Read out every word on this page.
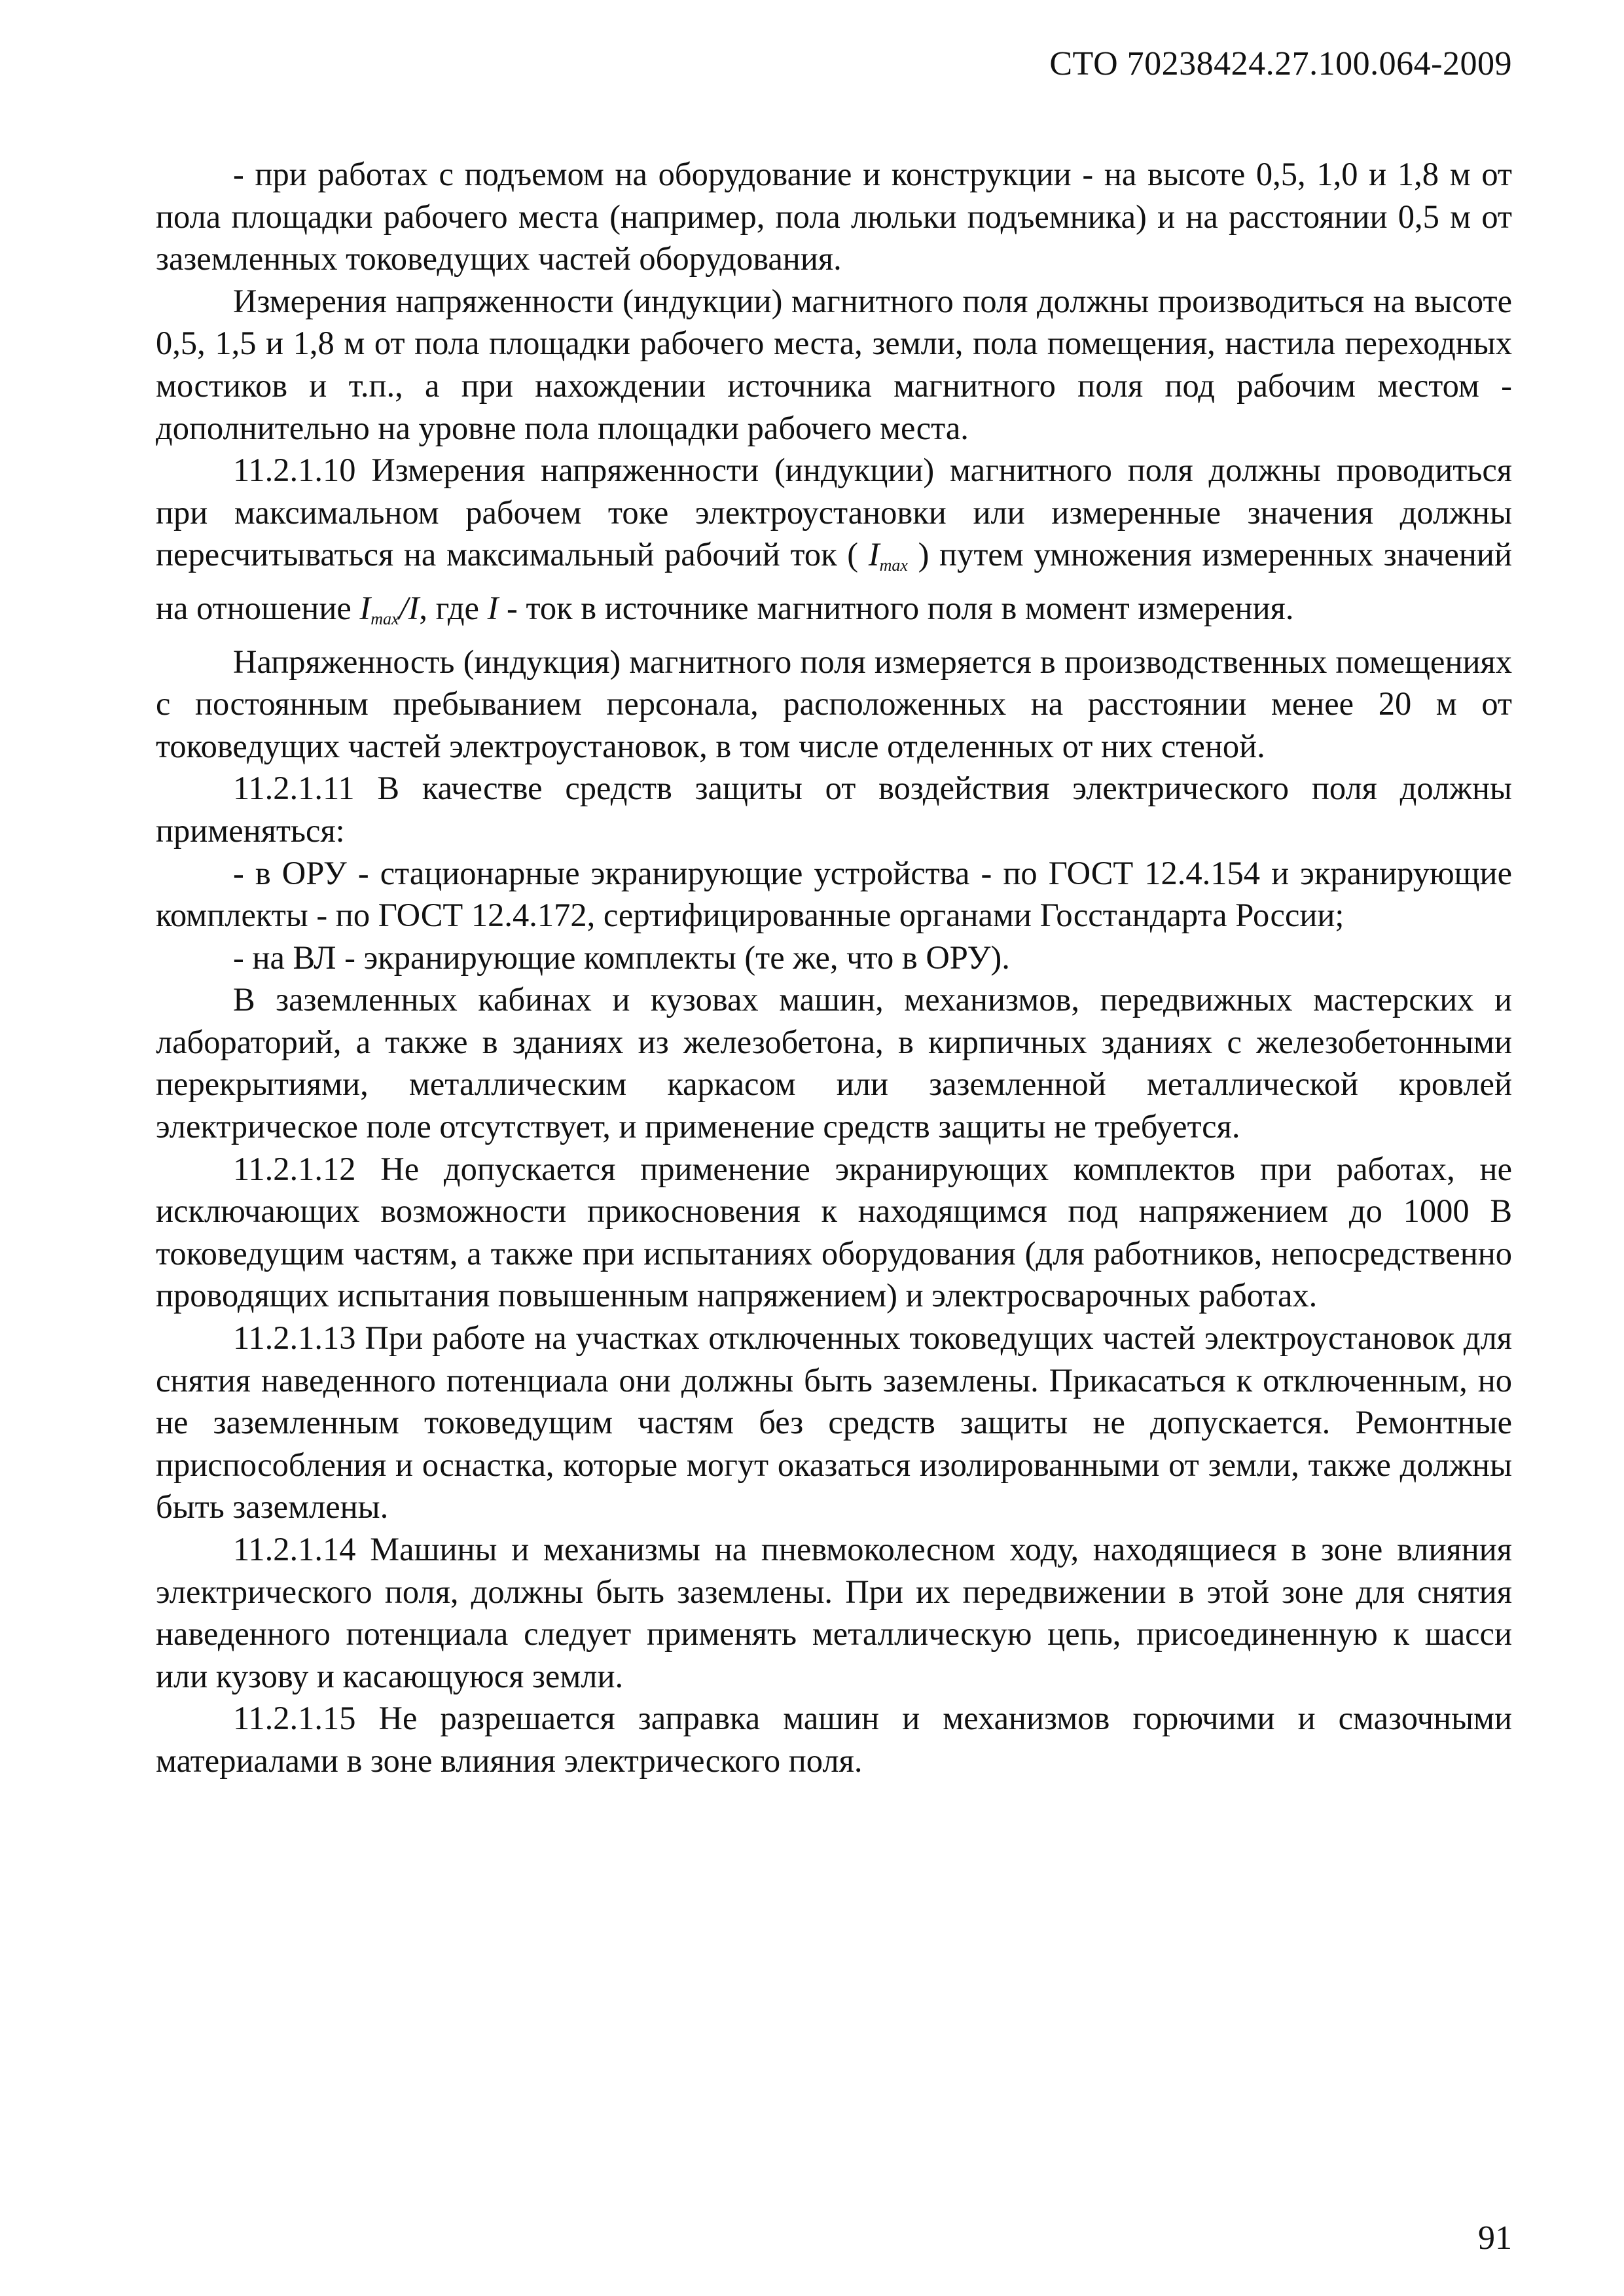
СТО 70238424.27.100.064-2009

- при работах с подъемом на оборудование и конструкции - на высоте 0,5, 1,0 и 1,8 м от пола площадки рабочего места (например, пола люльки подъемника) и на расстоянии 0,5 м от заземленных токоведущих частей оборудования.

Измерения напряженности (индукции) магнитного поля должны производиться на высоте 0,5, 1,5 и 1,8 м от пола площадки рабочего места, земли, пола помещения, настила переходных мостиков и т.п., а при нахождении источника магнитного поля под рабочим местом - дополнительно на уровне пола площадки рабочего места.

11.2.1.10 Измерения напряженности (индукции) магнитного поля должны проводиться при максимальном рабочем токе электроустановки или измеренные значения должны пересчитываться на максимальный рабочий ток ( $I_{max}$ ) путем умножения измеренных значений на отношение $I_{max}/I$, где I - ток в источнике магнитного поля в момент измерения.

Напряженность (индукция) магнитного поля измеряется в производственных помещениях с постоянным пребыванием персонала, расположенных на расстоянии менее 20 м от токоведущих частей электроустановок, в том числе отделенных от них стеной.

11.2.1.11 В качестве средств защиты от воздействия электрического поля должны применяться:

- в ОРУ - стационарные экранирующие устройства - по ГОСТ 12.4.154 и экранирующие комплекты - по ГОСТ 12.4.172, сертифицированные органами Госстандарта России;

- на ВЛ - экранирующие комплекты (те же, что в ОРУ).

В заземленных кабинах и кузовах машин, механизмов, передвижных мастерских и лабораторий, а также в зданиях из железобетона, в кирпичных зданиях с железобетонными перекрытиями, металлическим каркасом или заземленной металлической кровлей электрическое поле отсутствует, и применение средств защиты не требуется.

11.2.1.12 Не допускается применение экранирующих комплектов при работах, не исключающих возможности прикосновения к находящимся под напряжением до 1000 В токоведущим частям, а также при испытаниях оборудования (для работников, непосредственно проводящих испытания повышенным напряжением) и электросварочных работах.

11.2.1.13 При работе на участках отключенных токоведущих частей электроустановок для снятия наведенного потенциала они должны быть заземлены. Прикасаться к отключенным, но не заземленным токоведущим частям без средств защиты не допускается. Ремонтные приспособления и оснастка, которые могут оказаться изолированными от земли, также должны быть заземлены.

11.2.1.14 Машины и механизмы на пневмоколесном ходу, находящиеся в зоне влияния электрического поля, должны быть заземлены. При их передвижении в этой зоне для снятия наведенного потенциала следует применять металлическую цепь, присоединенную к шасси или кузову и касающуюся земли.

11.2.1.15 Не разрешается заправка машин и механизмов горючими и смазочными материалами в зоне влияния электрического поля.

91
